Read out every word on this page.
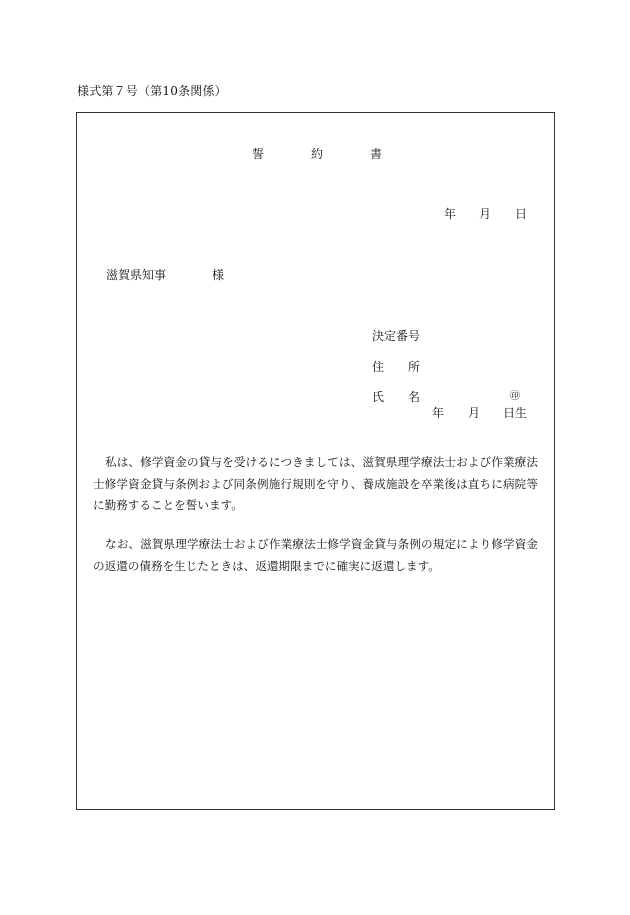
様式第７号（第10条関係）
誓	約	書
年 月 日
滋賀県知事	様
決定番号
住 所
氏 名	㊞
年 月 日生

私は、修学資金の貸与を受けるにつきましては、滋賀県理学療法士および作業療法士修学資金貸与条例および同条例施行規則を守り、養成施設を卒業後は直ちに病院等に勤務することを誓います。

なお、滋賀県理学療法士および作業療法士修学資金貸与条例の規定により修学資金の返還の債務を生じたときは、返還期限までに確実に返還します。
